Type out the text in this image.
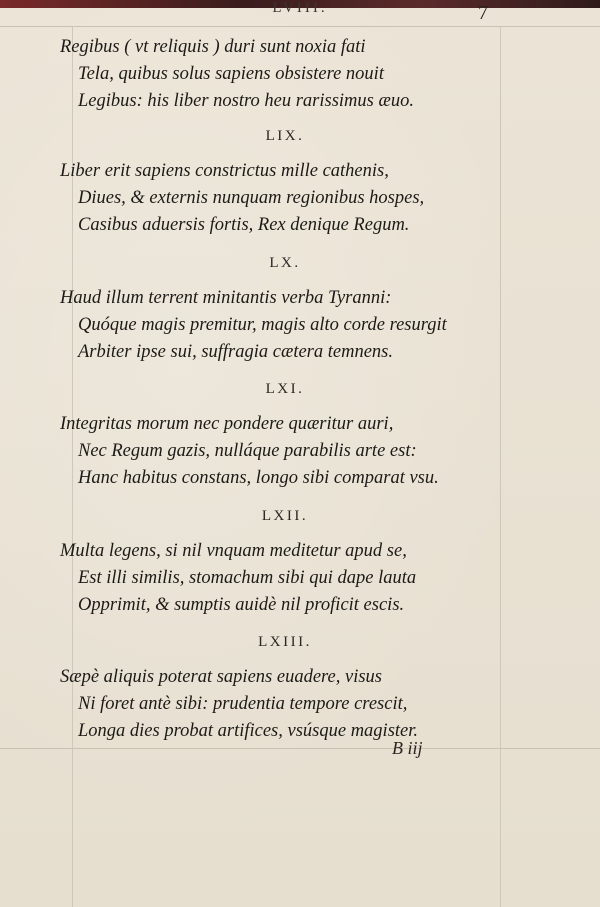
LVIII.	7
Regibus ( vt reliquis ) duri sunt noxia fati
Tela, quibus solus sapiens obsistere nouit
Legibus: his liber nostro heu rarissimus æuo.
LIX.
Liber erit sapiens constrictus mille cathenis,
Diues, & externis nunquam regionibus hospes,
Casibus aduersis fortis, Rex denique Regum.
LX.
Haud illum terrent minitantis verba Tyranni:
Quóque magis premitur, magis alto corde resurgit
Arbiter ipse sui, suffragia cætera temnens.
LXI.
Integritas morum nec pondere quæritur auri,
Nec Regum gazis, nulláque parabilis arte est:
Hanc habitus constans, longo sibi comparat vsu.
LXII.
Multa legens, si nil vnquam meditetur apud se,
Est illi similis, stomachum sibi qui dape lauta
Opprimit, & sumptis auidè nil proficit escis.
LXIII.
Sæpè aliquis poterat sapiens euadere, visus
Ni foret antè sibi: prudentia tempore crescit,
Longa dies probat artifices, vsúsque magister.
B iij
